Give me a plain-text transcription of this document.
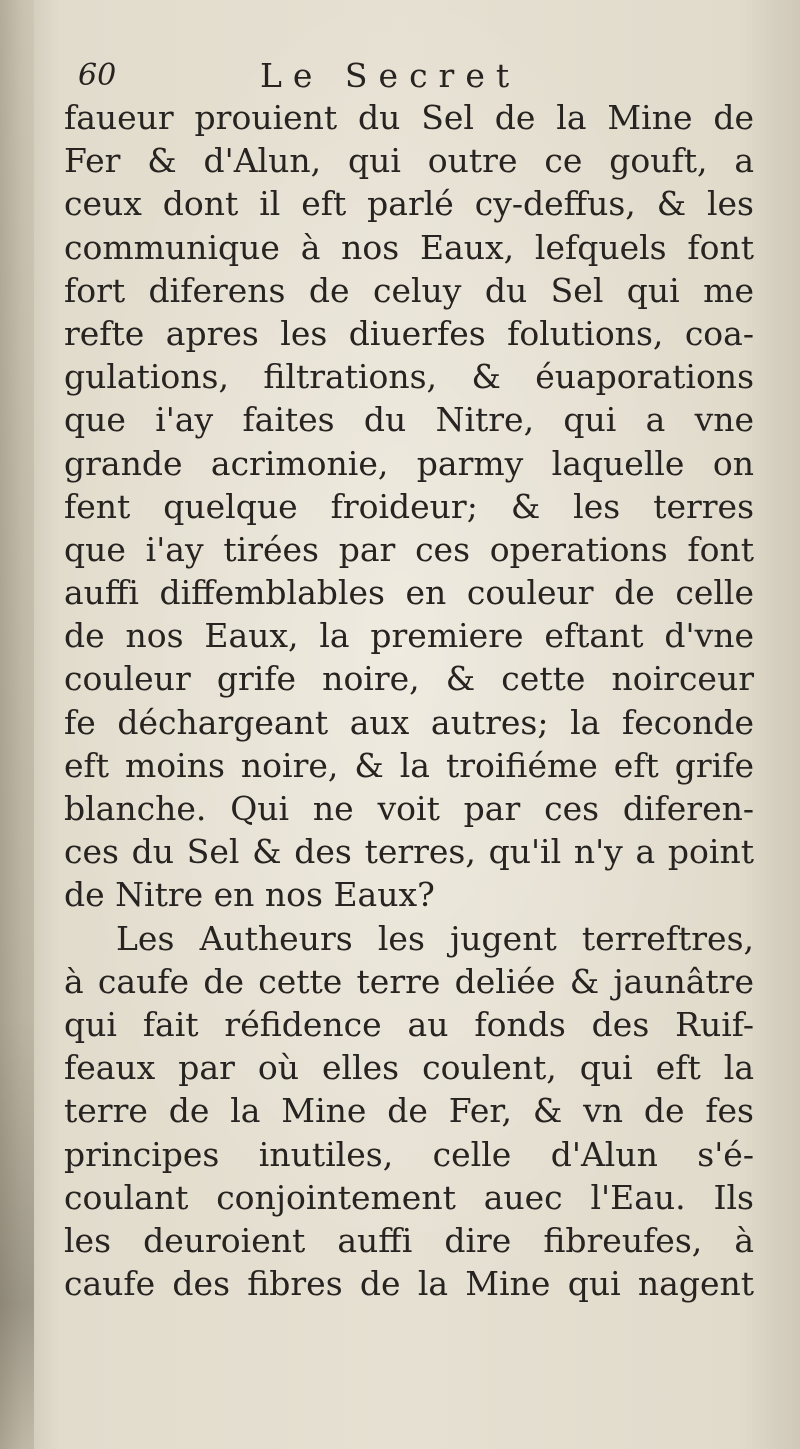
60	Le Secret
faueur prouient du Sel de la Mine de
Fer & d'Alun, qui outre ce gouft, a
ceux dont il eft parlé cy-deffus, & les
communique à nos Eaux, lefquels font
fort diferens de celuy du Sel qui me
refte apres les diuerfes folutions, coa-
gulations, filtrations, & éuaporations
que i'ay faites du Nitre, qui a vne
grande acrimonie, parmy laquelle on
fent quelque froideur; & les terres
que i'ay tirées par ces operations font
auffi diffemblables en couleur de celle
de nos Eaux, la premiere eftant d'vne
couleur grife noire, & cette noirceur
fe déchargeant aux autres; la feconde
eft moins noire, & la troifiéme eft grife
blanche. Qui ne voit par ces diferen-
ces du Sel & des terres, qu'il n'y a point
de Nitre en nos Eaux?
Les Autheurs les jugent terreftres,
à caufe de cette terre deliée & jaunâtre
qui fait réfidence au fonds des Ruif-
feaux par où elles coulent, qui eft la
terre de la Mine de Fer, & vn de fes
principes inutiles, celle d'Alun s'é-
coulant conjointement auec l'Eau. Ils
les deuroient auffi dire fibreufes, à
caufe des fibres de la Mine qui nagent
